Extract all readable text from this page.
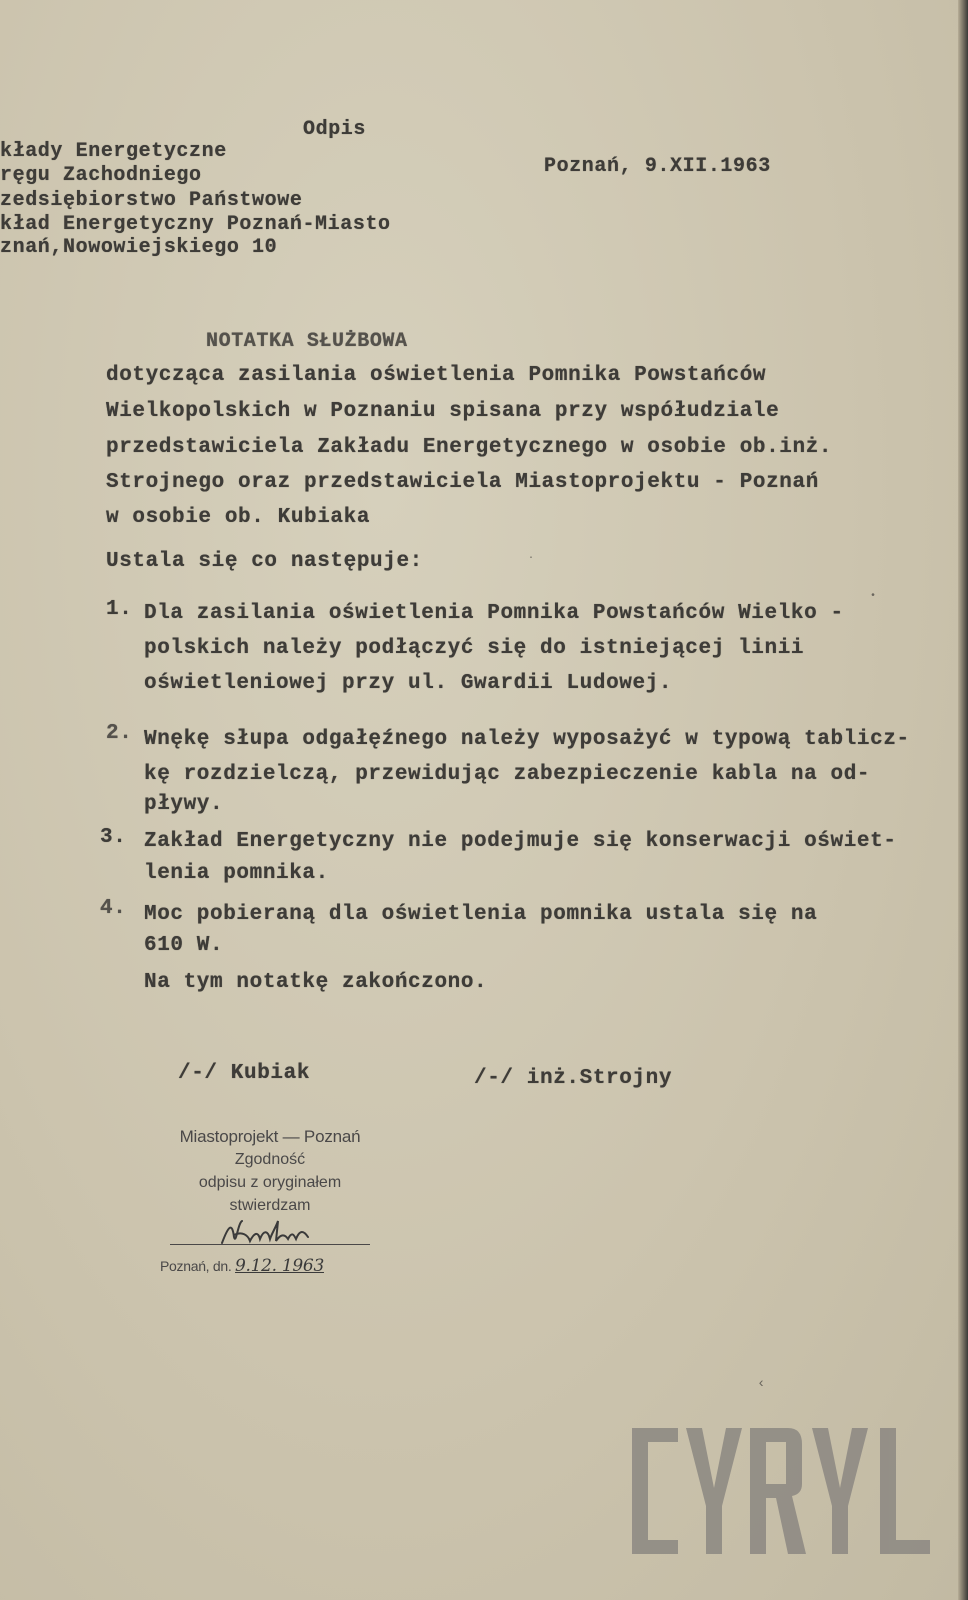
Odpis
kłady Energetyczne
ręgu Zachodniego
zedsiębiorstwo Państwowe
kład Energetyczny Poznań-Miasto
znań,Nowowiejskiego 10
Poznań, 9.XII.1963
NOTATKA SŁUŻBOWA
dotycząca zasilania oświetlenia Pomnika Powstańców
Wielkopolskich w Poznaniu spisana przy współudziale
przedstawiciela Zakładu Energetycznego w osobie ob.inż.
Strojnego oraz przedstawiciela Miastoprojektu - Poznań
w osobie ob. Kubiaka
Ustala się co następuje:
1. Dla zasilania oświetlenia Pomnika Powstańców Wielko -
polskich należy podłączyć się do istniejącej linii
oświetleniowej przy ul. Gwardii Ludowej.
2. Wnękę słupa odgałęźnego należy wyposażyć w typową tablicz-
kę rozdzielczą, przewidując zabezpieczenie kabla na od-
pływy.
3. Zakład Energetyczny nie podejmuje się konserwacji oświet-
lenia pomnika.
4. Moc pobieraną dla oświetlenia pomnika ustala się na
610 W.
Na tym notatkę zakończono.
/-/ Kubiak	/-/ inż.Strojny
Miastoprojekt — Poznań
Zgodność
odpisu z oryginałem
stwierdzam
Poznań, dn. 9.12. 1963
‹
•
·
